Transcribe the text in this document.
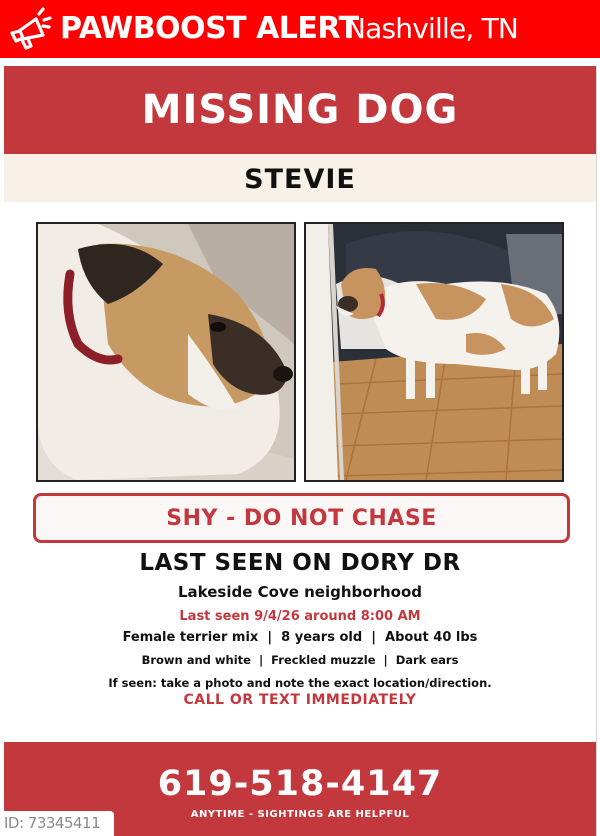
PAWBOOST ALERT
Nashville, TN
MISSING DOG
STEVIE
SHY - DO NOT CHASE
LAST SEEN ON DORY DR
Lakeside Cove neighborhood
Last seen 9/4/26 around 8:00 AM
Female terrier mix  |  8 years old  |  About 40 lbs
Brown and white  |  Freckled muzzle  |  Dark ears
If seen: take a photo and note the exact location/direction.
CALL OR TEXT IMMEDIATELY
619-518-4147
ANYTIME - SIGHTINGS ARE HELPFUL
ID: 73345411
